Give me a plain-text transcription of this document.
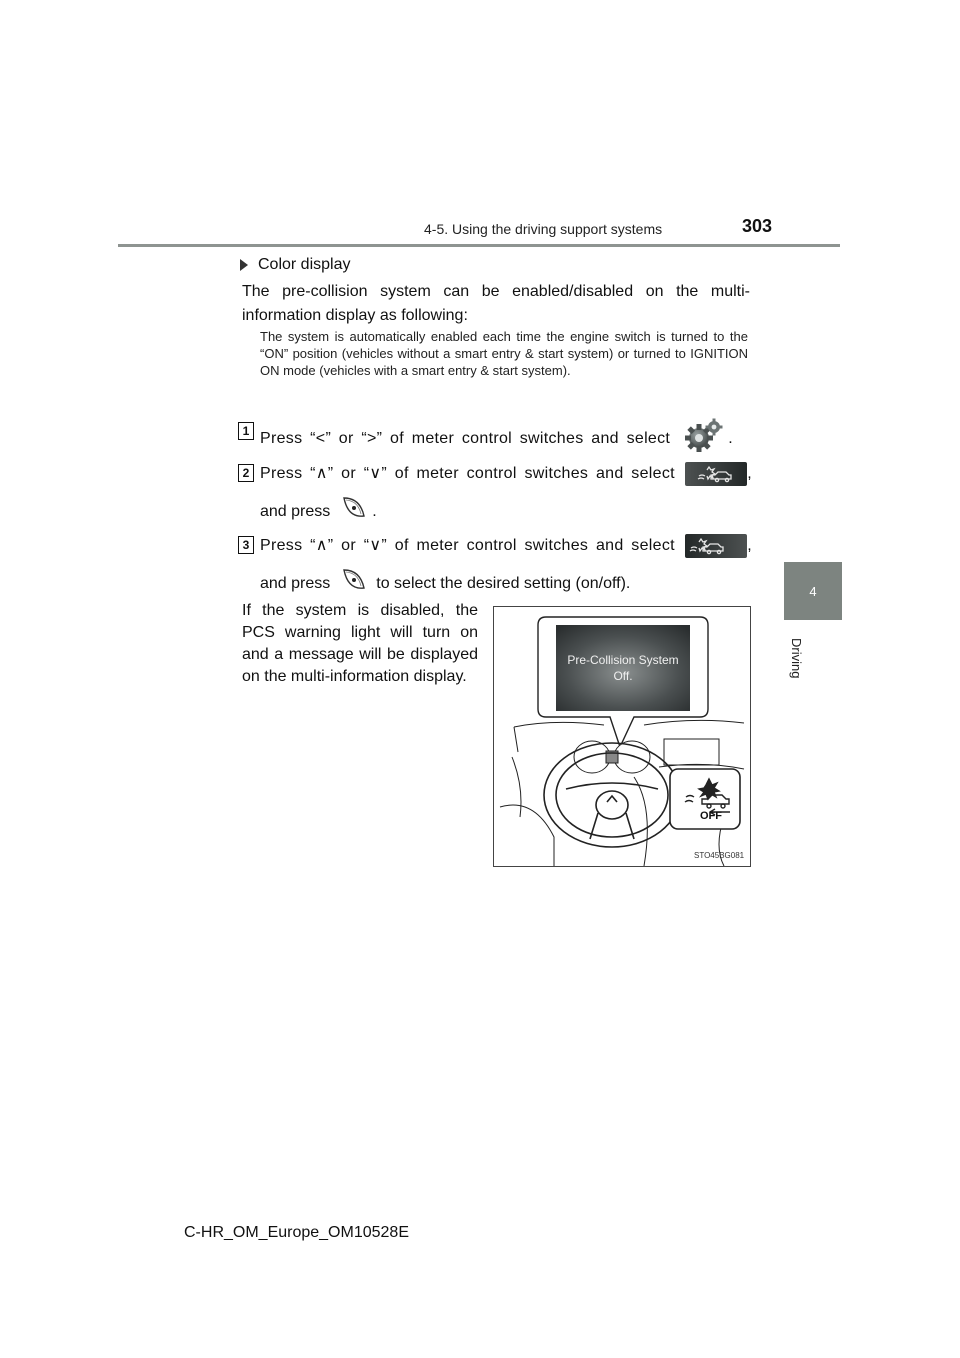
4-5. Using the driving support systems	303
4
Driving
Color display
The pre-collision system can be enabled/disabled on the multi-information display as following:
The system is automatically enabled each time the engine switch is turned to the “ON” position (vehicles without a smart entry & start system) or turned to IGNITION ON mode (vehicles with a smart entry & start system).
1 Press “ < ” or “ > ” of meter control switches and select	.
2 Press “ ∧ ” or “ ∨ ” of meter control switches and select	,
and press	.
3 Press “ ∧ ” or “ ∨ ” of meter control switches and select	,
and press	to select the desired setting (on/off).
If the system is disabled, the PCS warning light will turn on and a message will be displayed on the multi-information display.
Pre-Collision System
Off.
OFF
STO45BG081
C-HR_OM_Europe_OM10528E
